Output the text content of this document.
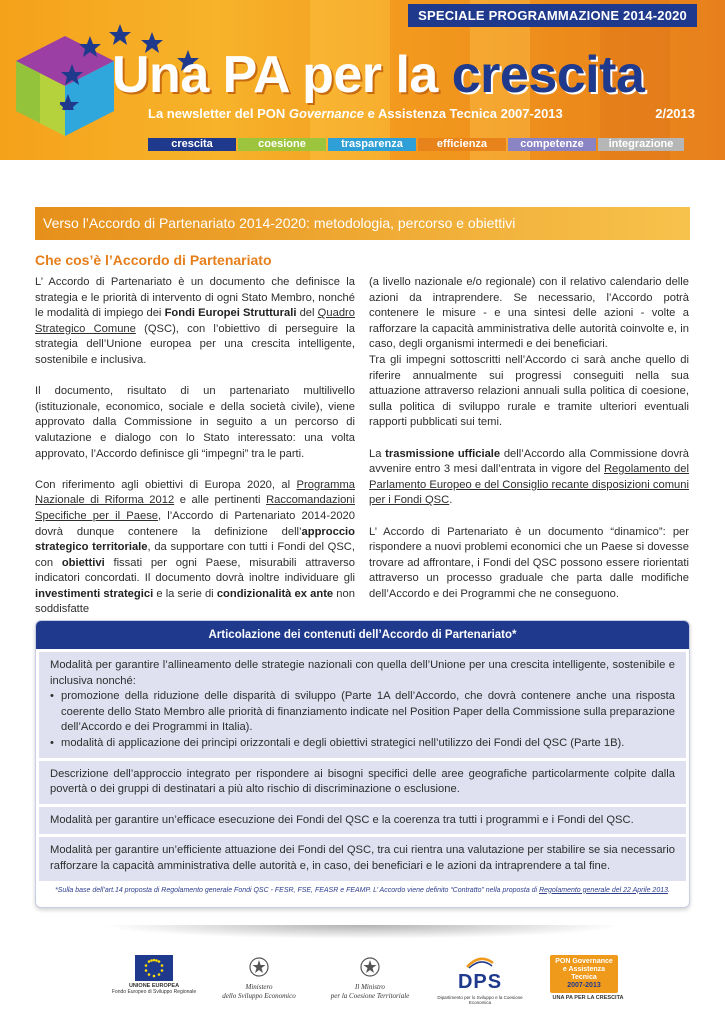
SPECIALE PROGRAMMAZIONE 2014-2020
Una PA per la crescita
La newsletter del PON Governance e Assistenza Tecnica 2007-2013	2/2013
crescita	coesione	trasparenza	efficienza	competenze	integrazione
Verso l’Accordo di Partenariato 2014-2020: metodologia, percorso e obiettivi
Che cos’è l’Accordo di Partenariato

L’ Accordo di Partenariato è un documento che definisce la strategia e le priorità di intervento di ogni Stato Membro, nonché le modalità di impiego dei Fondi Europei Strutturali del Quadro Strategico Comune (QSC), con l’obiettivo di perseguire la strategia dell’Unione europea per una crescita intelligente, sostenibile e inclusiva.

Il documento, risultato di un partenariato multilivello (istituzionale, economico, sociale e della società civile), viene approvato dalla Commissione in seguito a un percorso di valutazione e dialogo con lo Stato interessato: una volta approvato, l’Accordo definisce gli “impegni” tra le parti.

Con riferimento agli obiettivi di Europa 2020, al Programma Nazionale di Riforma 2012 e alle pertinenti Raccomandazioni Specifiche per il Paese, l’Accordo di Partenariato 2014-2020 dovrà dunque contenere la definizione dell’approccio strategico territoriale, da supportare con tutti i Fondi del QSC, con obiettivi fissati per ogni Paese, misurabili attraverso indicatori concordati. Il documento dovrà inoltre individuare gli investimenti strategici e la serie di condizionalità ex ante non soddisfatte

(a livello nazionale e/o regionale) con il relativo calendario delle azioni da intraprendere. Se necessario, l’Accordo potrà contenere le misure - e una sintesi delle azioni - volte a rafforzare la capacità amministrativa delle autorità coinvolte e, in caso, degli organismi intermedi e dei beneficiari.

Tra gli impegni sottoscritti nell’Accordo ci sarà anche quello di riferire annualmente sui progressi conseguiti nella sua attuazione attraverso relazioni annuali sulla politica di coesione, sulla politica di sviluppo rurale e tramite ulteriori eventuali rapporti pubblicati sui temi.

La trasmissione ufficiale dell’Accordo alla Commissione dovrà avvenire entro 3 mesi dall’entrata in vigore del Regolamento del Parlamento Europeo e del Consiglio recante disposizioni comuni per i Fondi QSC.

L’ Accordo di Partenariato è un documento “dinamico”: per rispondere a nuovi problemi economici che un Paese si dovesse trovare ad affrontare, i Fondi del QSC possono essere riorientati attraverso un processo graduale che parta dalle modifiche dell’Accordo e dei Programmi che ne conseguono.

Articolazione dei contenuti dell’Accordo di Partenariato*
Modalità per garantire l’allineamento delle strategie nazionali con quella dell’Unione per una crescita intelligente, sostenibile e inclusiva nonché:
• promozione della riduzione delle disparità di sviluppo (Parte 1A dell’Accordo, che dovrà contenere anche una risposta coerente dello Stato Membro alle priorità di finanziamento indicate nel Position Paper della Commissione sulla preparazione dell’Accordo e dei Programmi in Italia).
• modalità di applicazione dei principi orizzontali e degli obiettivi strategici nell’utilizzo dei Fondi del QSC (Parte 1B).
Descrizione dell’approccio integrato per rispondere ai bisogni specifici delle aree geografiche particolarmente colpite dalla povertà o dei gruppi di destinatari a più alto rischio di discriminazione o esclusione.
Modalità per garantire un’efficace esecuzione dei Fondi del QSC e la coerenza tra tutti i programmi e i Fondi del QSC.
Modalità per garantire un’efficiente attuazione dei Fondi del QSC, tra cui rientra una valutazione per stabilire se sia necessario rafforzare la capacità amministrativa delle autorità e, in caso, dei beneficiari e le azioni da intraprendere a tal fine.
*Sulla base dell’art.14 proposta di Regolamento generale Fondi QSC - FESR, FSE, FEASR e FEAMP. L’ Accordo viene definito “Contratto” nella proposta di Regolamento generale del 22 Aprile 2013.
UNIONE EUROPEA
Fondo Europeo di Sviluppo Regionale
Ministero
dello Sviluppo Economico
Il Ministro
per la Coesione Territoriale
DPS
Dipartimento per lo Sviluppo e la Coesione Economica
PON Governance
e Assistenza Tecnica
2007-2013
UNA PA PER LA CRESCITA
